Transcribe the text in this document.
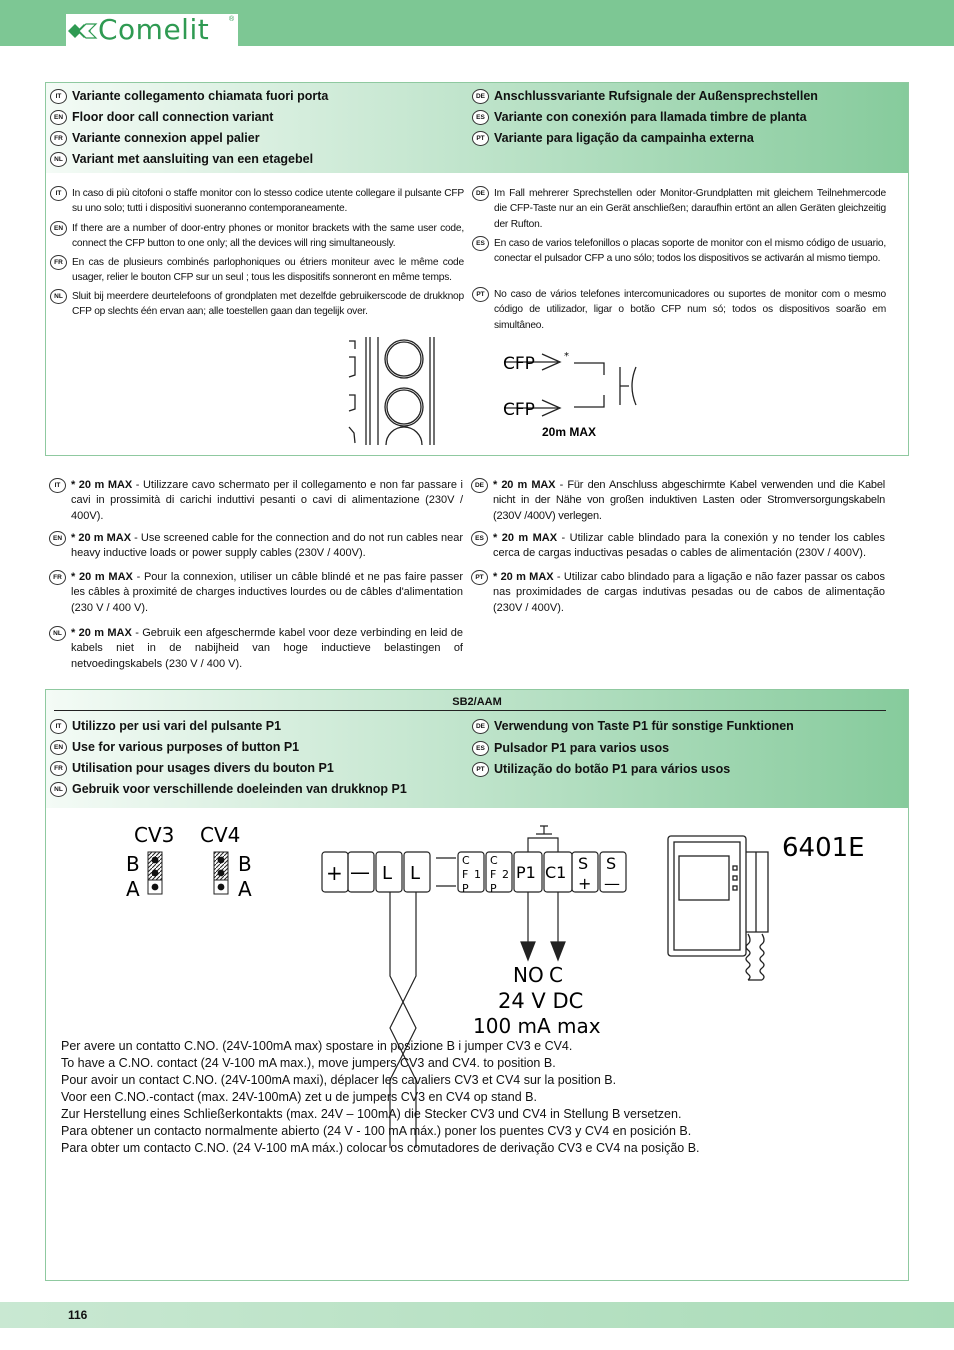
Comelit	®
IT Variante collegamento chiamata fuori porta
EN Floor door call connection variant
FR Variante connexion appel palier
NL Variant met aansluiting van een etagebel
DE Anschlussvariante Rufsignale der Außensprechstellen
ES Variante con conexión para llamada timbre de planta
PT Variante para ligação da campainha externa
IT	In caso di più citofoni o staffe monitor con lo stesso codice utente collegare il pulsante CFP su uno solo; tutti i dispositivi suoneranno contemporaneamente.
EN If there are a number of door-entry phones or monitor brackets with the same user code, connect the CFP button to one only; all the devices will ring simultaneously.
FR En cas de plusieurs combinés parlophoniques ou étriers moniteur avec le même code usager, relier le bouton CFP sur un seul ; tous les dispositifs sonneront en même temps.
NL Sluit bij meerdere deurtelefoons of grondplaten met dezelfde gebruikerscode de drukknop CFP op slechts één ervan aan; alle toestellen gaan dan tegelijk over.
DE Im Fall mehrerer Sprechstellen oder Monitor-Grundplatten mit gleichem Teilnehmercode die CFP-Taste nur an ein Gerät anschließen; daraufhin ertönt an allen Geräten gleichzeitig der Rufton.
ES En caso de varios telefonillos o placas soporte de monitor con el mismo código de usuario, conectar el pulsador CFP a uno sólo; todos los dispositivos se activarán al mismo tiempo.
PT No caso de vários telefones intercomunicadores ou suportes de monitor com o mesmo código de utilizador, ligar o botão CFP num só; todos os dispositivos soarão em simultâneo.
CFP
CFP
*
20m MAX
IT * 20 m MAX - Utilizzare cavo schermato per il collegamento e non far passare i cavi in prossimità di carichi induttivi pesanti o cavi di alimentazione (230V / 400V).
EN * 20 m MAX - Use screened cable for the connection and do not run cables near heavy inductive loads or power supply cables (230V / 400V).
FR * 20 m MAX - Pour la connexion, utiliser un câble blindé et ne pas faire passer les câbles à proximité de charges inductives lourdes ou de câbles d'alimentation (230 V / 400 V).
NL * 20 m MAX - Gebruik een afgeschermde kabel voor deze verbinding en leid de kabels niet in de nabijheid van hoge inductieve belastingen of netvoedingskabels (230 V / 400 V).
DE * 20 m MAX - Für den Anschluss abgeschirmte Kabel verwenden und die Kabel nicht in der Nähe von großen induktiven Lasten oder Stromversorgungskabeln (230V /400V) verlegen.
ES * 20 m MAX - Utilizar cable blindado para la conexión y no tender los cables cerca de cargas inductivas pesadas o cables de alimentación (230V / 400V).
PT * 20 m MAX - Utilizar cabo blindado para a ligação e não fazer passar os cabos nas proximidades de cargas indutivas pesadas ou de cabos de alimentação (230V / 400V).
SB2/AAM
IT Utilizzo per usi vari del pulsante P1
EN Use for various purposes of button P1
FR Utilisation pour usages divers du bouton P1
NL Gebruik voor verschillende doeleinden van drukknop P1
DE Verwendung von Taste P1 für sonstige Funktionen
ES Pulsador P1 para varios usos
PT Utilização do botão P1 para vários usos
CV3 CV4
B
A
B
A
+ — L L
C
F
P
1
C
F
P
2 P1 C1 S
+
S
—
NO C
24 V DC
100 mA max
6401E
Per avere un contatto C.NO. (24V-100mA max) spostare in posizione B i jumper CV3 e CV4.
To have a C.NO. contact (24 V-100 mA max.), move jumpers CV3 and CV4. to position B.
Pour avoir un contact C.NO. (24V-100mA maxi), déplacer les cavaliers CV3 et CV4 sur la position B.
Voor een C.NO.-contact (max. 24V-100mA) zet u de jumpers CV3 en CV4 op stand B.
Zur Herstellung eines Schließerkontakts (max. 24V – 100mA) die Stecker CV3 und CV4 in Stellung B versetzen.
Para obtener un contacto normalmente abierto (24 V - 100 mA máx.) poner los puentes CV3 y CV4 en posición B.
Para obter um contacto C.NO. (24 V-100 mA máx.) colocar os comutadores de derivação CV3 e CV4 na posição B.
116
